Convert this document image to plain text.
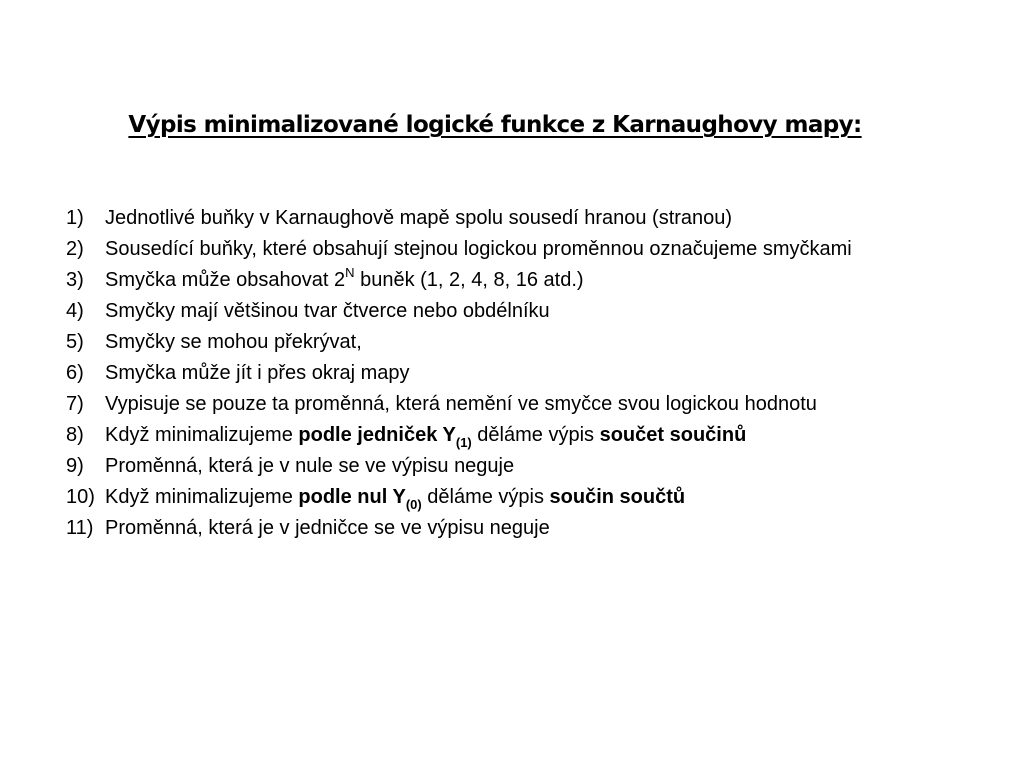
Výpis minimalizované logické funkce z Karnaughovy mapy:
1)	Jednotlivé buňky v Karnaughově mapě spolu sousedí hranou (stranou)
2)	Sousedící buňky, které obsahují stejnou logickou proměnnou označujeme smyčkami
3)	Smyčka může obsahovat $2^N$ buněk (1, 2, 4, 8, 16 atd.)
4)	Smyčky mají většinou tvar čtverce nebo obdélníku
5)	Smyčky se mohou překrývat,
6)	Smyčka může jít i přes okraj mapy
7)	Vypisuje se pouze ta proměnná, která nemění ve smyčce svou logickou hodnotu
8)	Když minimalizujeme podle jedniček $Y_{(1)}$ děláme výpis součet součinů
9)	Proměnná, která je v nule se ve výpisu neguje
10) Když minimalizujeme podle nul $Y_{(0)}$ děláme výpis součin součtů
11) Proměnná, která je v jedničce se ve výpisu neguje
